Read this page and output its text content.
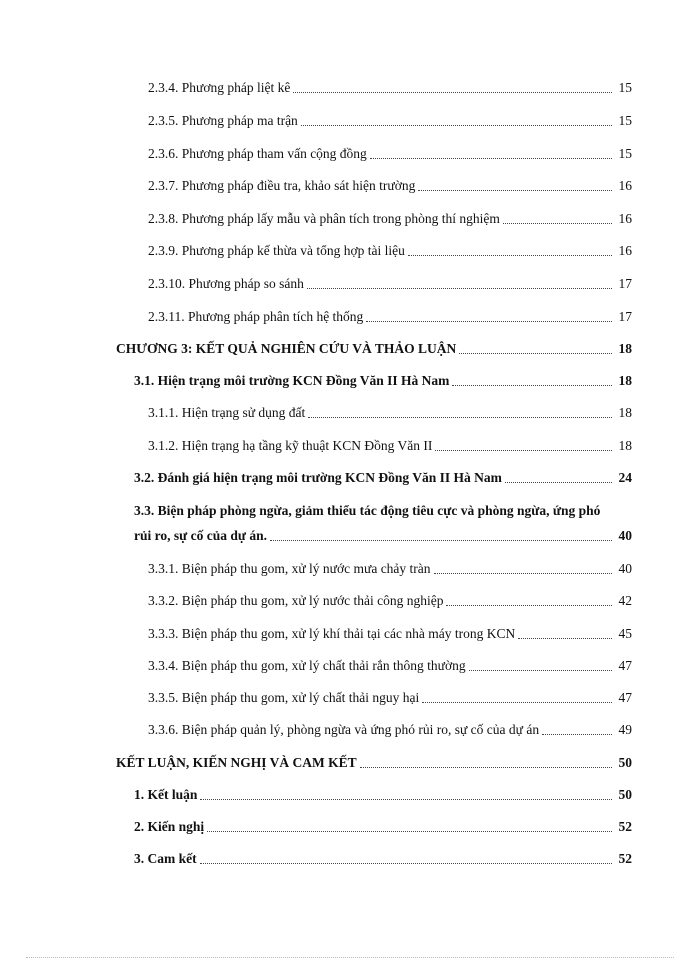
2.3.4. Phương pháp liệt kê	15
2.3.5. Phương pháp ma trận	15
2.3.6. Phương pháp tham vấn cộng đồng	15
2.3.7. Phương pháp điều tra, khảo sát hiện trường	16
2.3.8. Phương pháp lấy mẫu và phân tích trong phòng thí nghiệm	16
2.3.9. Phương pháp kế thừa và tổng hợp tài liệu	16
2.3.10. Phương pháp so sánh	17
2.3.11. Phương pháp phân tích hệ thống	17
CHƯƠNG 3: KẾT QUẢ NGHIÊN CỨU VÀ THẢO LUẬN	18
3.1. Hiện trạng môi trường KCN Đồng Văn II Hà Nam	18
3.1.1. Hiện trạng sử dụng đất	18
3.1.2. Hiện trạng hạ tầng kỹ thuật KCN Đồng Văn II	18
3.2. Đánh giá hiện trạng môi trường KCN Đồng Văn II Hà Nam	24
3.3. Biện pháp phòng ngừa, giảm thiểu tác động tiêu cực và phòng ngừa, ứng phó
rủi ro, sự cố của dự án.	40
3.3.1. Biện pháp thu gom, xử lý nước mưa chảy tràn	40
3.3.2. Biện pháp thu gom, xử lý nước thải công nghiệp	42
3.3.3. Biện pháp thu gom, xử lý khí thải tại các nhà máy trong KCN	45
3.3.4. Biện pháp thu gom, xử lý chất thải rắn thông thường	47
3.3.5. Biện pháp thu gom, xử lý chất thải nguy hại	47
3.3.6. Biện pháp quản lý, phòng ngừa và ứng phó rủi ro, sự cố của dự án	49
KẾT LUẬN, KIẾN NGHỊ VÀ CAM KẾT	50
1. Kết luận	50
2. Kiến nghị	52
3. Cam kết	52
